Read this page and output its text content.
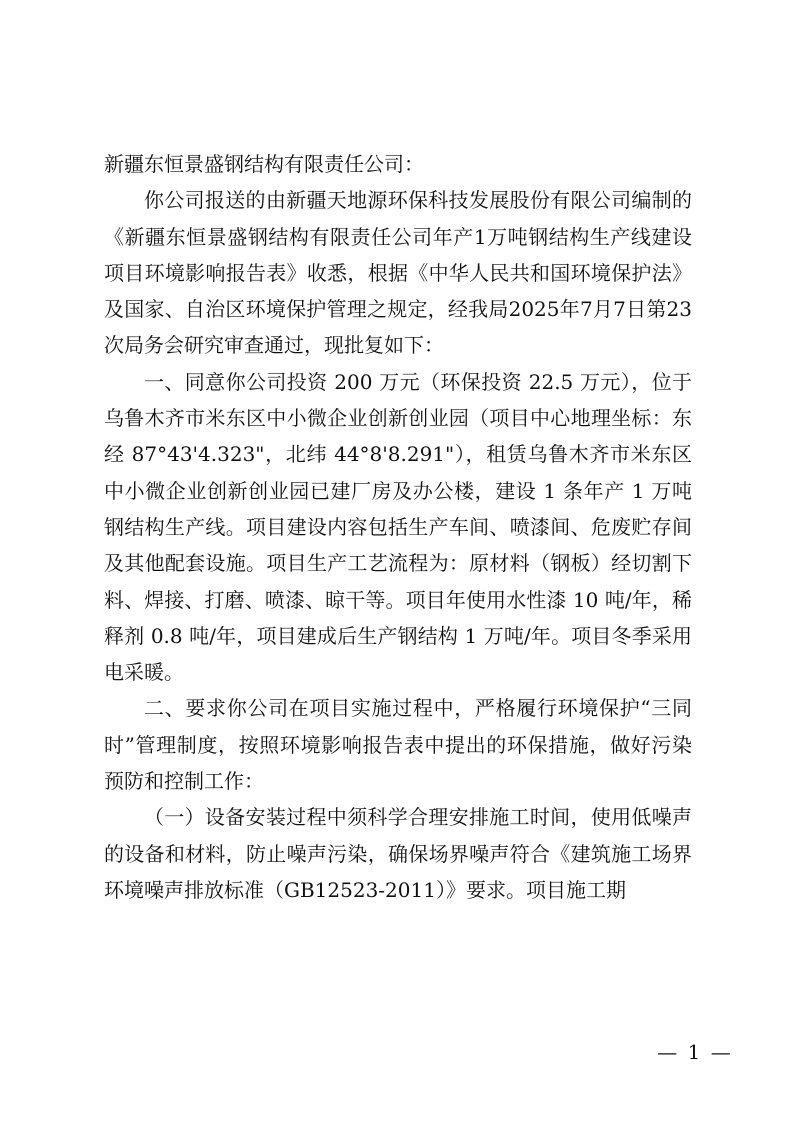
新疆东恒景盛钢结构有限责任公司：

你公司报送的由新疆天地源环保科技发展股份有限公司编制的《新疆东恒景盛钢结构有限责任公司年产1万吨钢结构生产线建设项目环境影响报告表》收悉，根据《中华人民共和国环境保护法》及国家、自治区环境保护管理之规定，经我局2025年7月7日第23次局务会研究审查通过，现批复如下：

一、同意你公司投资 200 万元（环保投资 22.5 万元），位于乌鲁木齐市米东区中小微企业创新创业园（项目中心地理坐标：东经 87°43'4.323"，北纬 44°8'8.291"），租赁乌鲁木齐市米东区中小微企业创新创业园已建厂房及办公楼，建设 1 条年产 1 万吨钢结构生产线。项目建设内容包括生产车间、喷漆间、危废贮存间及其他配套设施。项目生产工艺流程为：原材料（钢板）经切割下料、焊接、打磨、喷漆、晾干等。项目年使用水性漆 10 吨/年，稀释剂 0.8 吨/年，项目建成后生产钢结构 1 万吨/年。项目冬季采用电采暖。

二、要求你公司在项目实施过程中，严格履行环境保护“三同时”管理制度，按照环境影响报告表中提出的环保措施，做好污染预防和控制工作：

（一）设备安装过程中须科学合理安排施工时间，使用低噪声的设备和材料，防止噪声污染，确保场界噪声符合《建筑施工场界环境噪声排放标准（GB12523-2011）》要求。项目施工期

— 1 —
